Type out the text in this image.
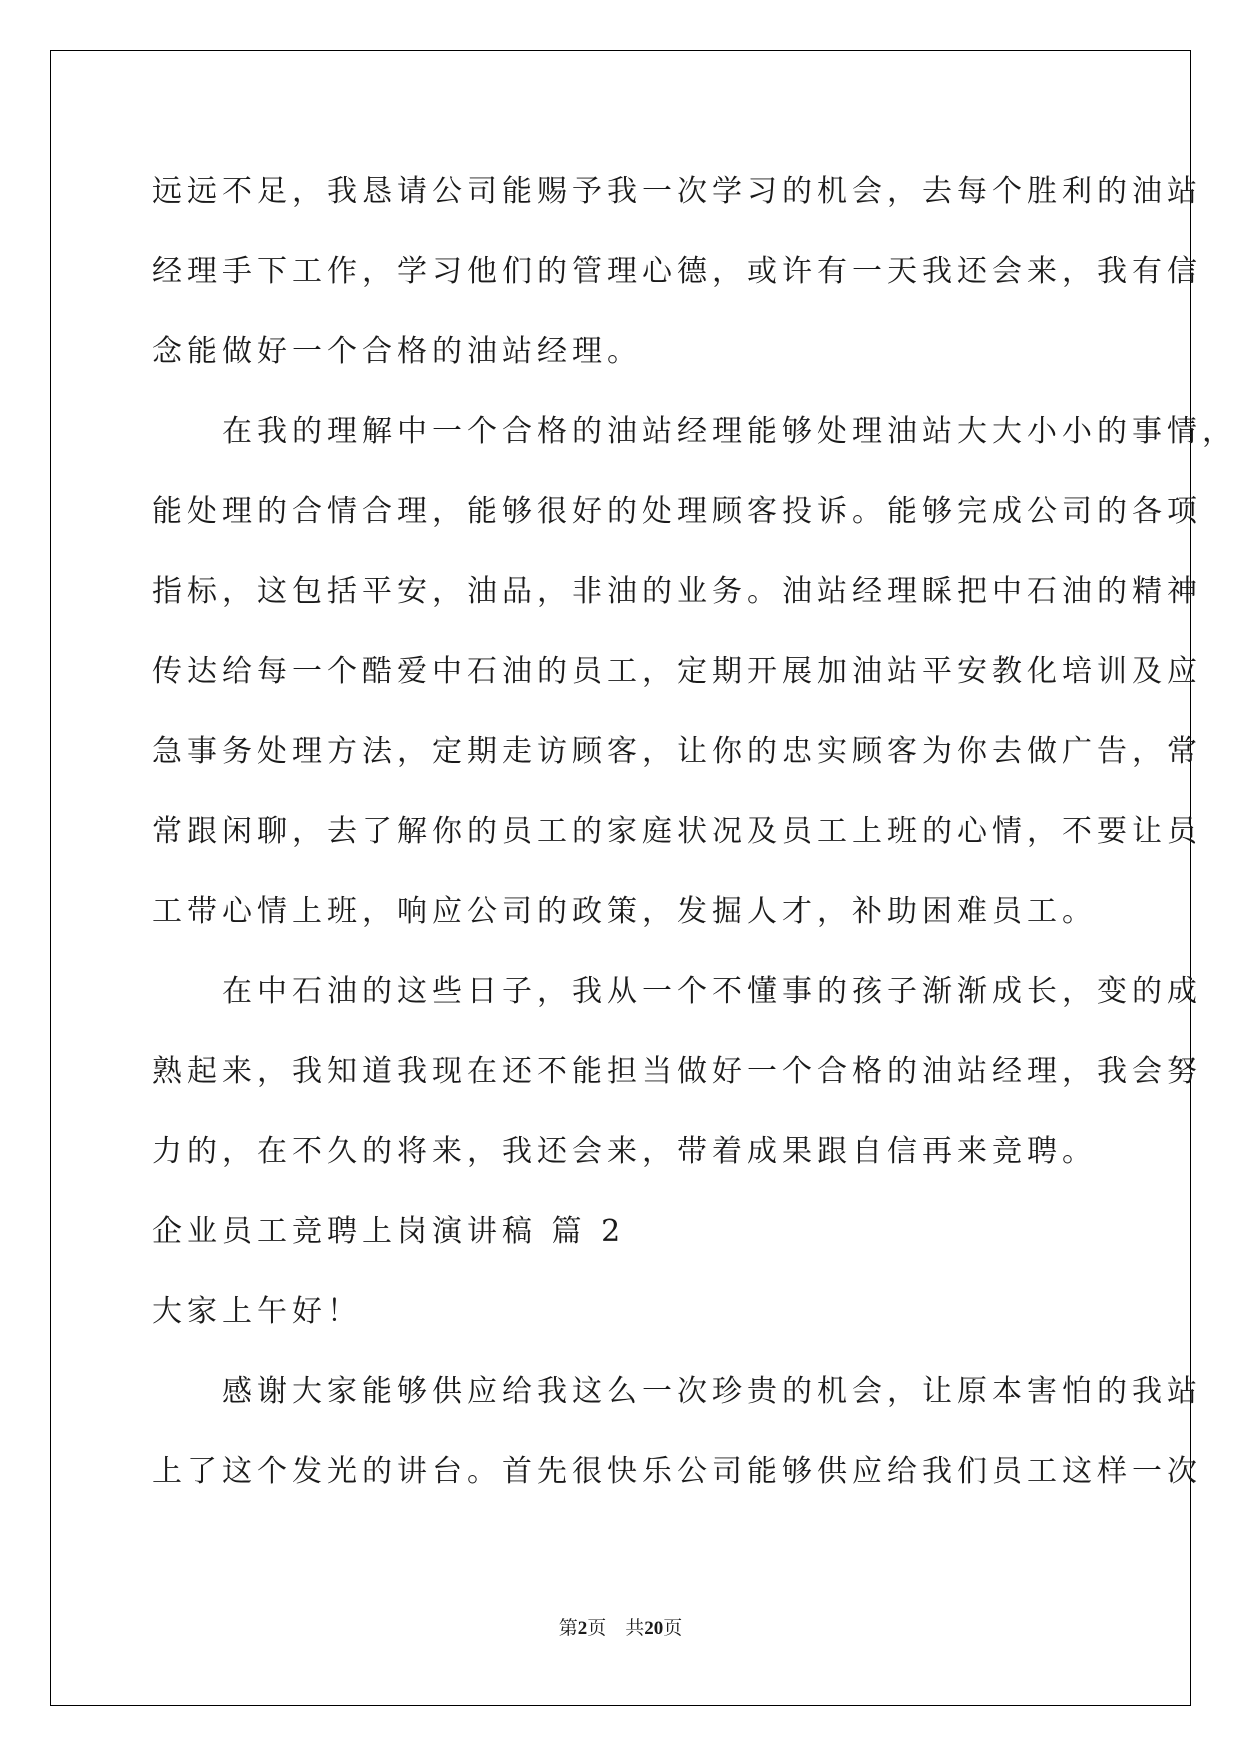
远远不足，我恳请公司能赐予我一次学习的机会，去每个胜利的油站

经理手下工作，学习他们的管理心德，或许有一天我还会来，我有信

念能做好一个合格的油站经理。

　　在我的理解中一个合格的油站经理能够处理油站大大小小的事情，

能处理的合情合理，能够很好的处理顾客投诉。能够完成公司的各项

指标，这包括平安，油品，非油的业务。油站经理睬把中石油的精神

传达给每一个酷爱中石油的员工，定期开展加油站平安教化培训及应

急事务处理方法，定期走访顾客，让你的忠实顾客为你去做广告，常

常跟闲聊，去了解你的员工的家庭状况及员工上班的心情，不要让员

工带心情上班，响应公司的政策，发掘人才，补助困难员工。

　　在中石油的这些日子，我从一个不懂事的孩子渐渐成长，变的成

熟起来，我知道我现在还不能担当做好一个合格的油站经理，我会努

力的，在不久的将来，我还会来，带着成果跟自信再来竞聘。

企业员工竞聘上岗演讲稿 篇 2

大家上午好！

　　感谢大家能够供应给我这么一次珍贵的机会，让原本害怕的我站

上了这个发光的讲台。首先很快乐公司能够供应给我们员工这样一次

第2页 共20页
